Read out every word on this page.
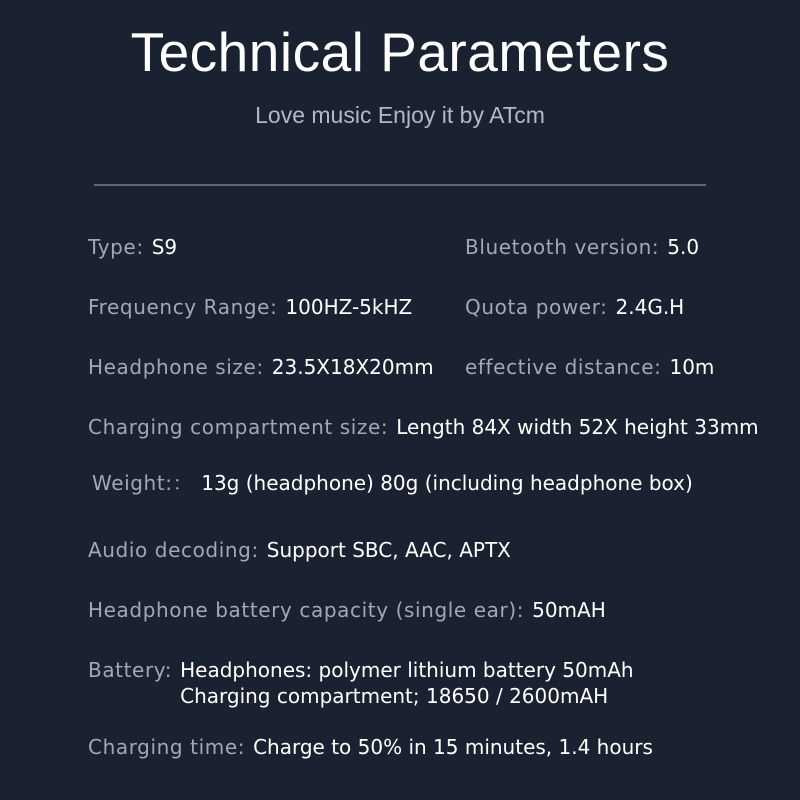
Technical Parameters
Love music Enjoy it by ATcm
Type: S9	Bluetooth version: 5.0
Frequency Range: 100HZ-5kHZ	Quota power: 2.4G.H
Headphone size: 23.5X18X20mm effective distance: 10m
Charging compartment size: Length 84X width 52X height 33mm
Weight:： 13g (headphone) 80g (including headphone box)
Audio decoding: Support SBC, AAC, APTX
Headphone battery capacity (single ear): 50mAH
Battery: Headphones: polymer lithium battery 50mAh
Charging compartment; 18650 / 2600mAH
Charging time: Charge to 50% in 15 minutes, 1.4 hours
